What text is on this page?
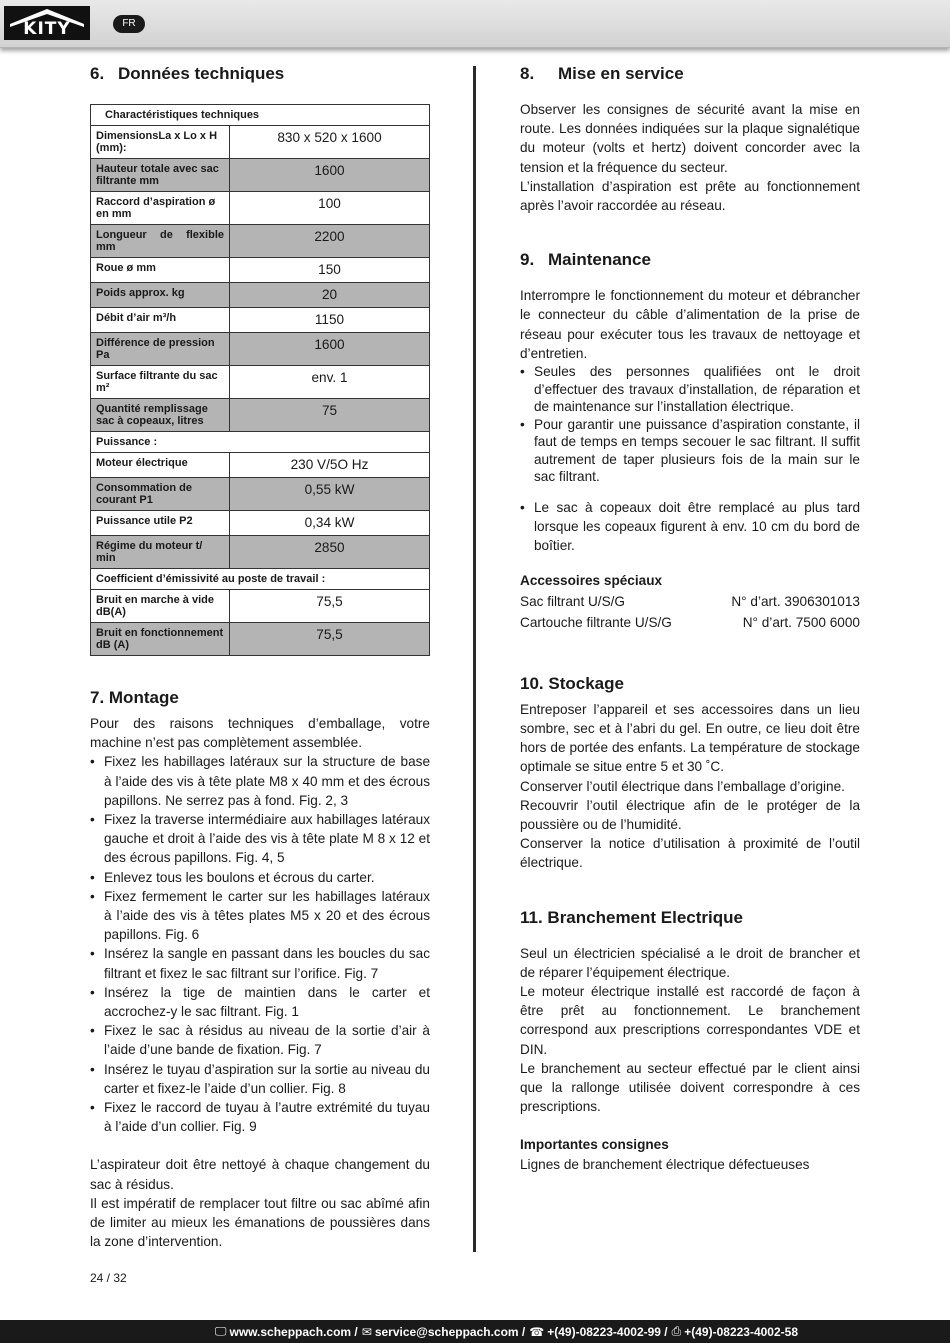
KITY	FR
6. Données techniques
Charactéristiques techniques	
DimensionsLa x Lo x H (mm):	830 x 520 x 1600
Hauteur totale avec sac filtrante mm	1600
Raccord d’aspiration ø en mm	100
Longueur de flexible mm	2200
Roue ø mm	150
Poids approx. kg	20
Débit d’air m³/h	1150
Différence de pression Pa	1600
Surface filtrante du sac m²	env. 1
Quantité remplissage sac à copeaux, litres	75
Puissance :	
Moteur électrique	230 V/5O Hz
Consommation de courant P1	0,55 kW
Puissance utile P2	0,34 kW
Régime du moteur t/ min	2850
Coefficient d’émissivité au poste de travail :	
Bruit en marche à vide dB(A)	75,5
Bruit en fonctionnement dB (A)	75,5
7. Montage

Pour des raisons techniques d’emballage, votre machine n’est pas complètement assemblée.

• Fixez les habillages latéraux sur la structure de base à l’aide des vis à tête plate M8 x 40 mm et des écrous papillons. Ne serrez pas à fond. Fig. 2, 3
• Fixez la traverse intermédiaire aux habillages latéraux gauche et droit à l’aide des vis à tête plate M 8 x 12 et des écrous papillons. Fig. 4, 5
• Enlevez tous les boulons et écrous du carter.
• Fixez fermement le carter sur les habillages latéraux à l’aide des vis à têtes plates M5 x 20 et des écrous papillons. Fig. 6
• Insérez la sangle en passant dans les boucles du sac filtrant et fixez le sac filtrant sur l’orifice. Fig. 7
• Insérez la tige de maintien dans le carter et accrochez-y le sac filtrant. Fig. 1
• Fixez le sac à résidus au niveau de la sortie d’air à l’aide d’une bande de fixation. Fig. 7
• Insérez le tuyau d’aspiration sur la sortie au niveau du carter et fixez-le l’aide d’un collier. Fig. 8
• Fixez le raccord de tuyau à l’autre extrémité du tuyau à l’aide d’un collier. Fig. 9

L’aspirateur doit être nettoyé à chaque changement du sac à résidus.

Il est impératif de remplacer tout filtre ou sac abîmé afin de limiter au mieux les émanations de poussières dans la zone d’intervention.

8. Mise en service

Observer les consignes de sécurité avant la mise en route. Les données indiquées sur la plaque signalétique du moteur (volts et hertz) doivent concorder avec la tension et la fréquence du secteur.

L’installation d’aspiration est prête au fonctionnement après l’avoir raccordée au réseau.

9. Maintenance

Interrompre le fonctionnement du moteur et débrancher le connecteur du câble d’alimentation de la prise de réseau pour exécuter tous les travaux de nettoyage et d’entretien.

• Seules des personnes qualifiées ont le droit d’effectuer des travaux d’installation, de réparation et de maintenance sur l’installation électrique.
• Pour garantir une puissance d’aspiration constante, il faut de temps en temps secouer le sac filtrant. Il suffit autrement de taper plusieurs fois de la main sur le sac filtrant.
• Le sac à copeaux doit être remplacé au plus tard lorsque les copeaux figurent à env. 10 cm du bord de boîtier.
Accessoires spéciaux
Sac filtrant U/S/G	N° d’art. 3906301013
Cartouche filtrante U/S/G	N° d’art. 7500 6000
10. Stockage

Entreposer l’appareil et ses accessoires dans un lieu sombre, sec et à l’abri du gel. En outre, ce lieu doit être hors de portée des enfants. La température de stockage optimale se situe entre 5 et 30 ˚C.

Conserver l’outil électrique dans l’emballage d’origine.

Recouvrir l’outil électrique afin de le protéger de la poussière ou de l’humidité.

Conserver la notice d’utilisation à proximité de l’outil électrique.

11. Branchement Electrique

Seul un électricien spécialisé a le droit de brancher et de réparer l’équipement électrique.

Le moteur électrique installé est raccordé de façon à être prêt au fonctionnement. Le branchement correspond aux prescriptions correspondantes VDE et DIN.

Le branchement au secteur effectué par le client ainsi que la rallonge utilisée doivent correspondre à ces prescriptions.

Importantes consignes

Lignes de branchement électrique défectueuses

24 / 32
🖵 www.scheppach.com / ✉ service@scheppach.com / ☎ +(49)-08223-4002-99 / ⎙ +(49)-08223-4002-58
